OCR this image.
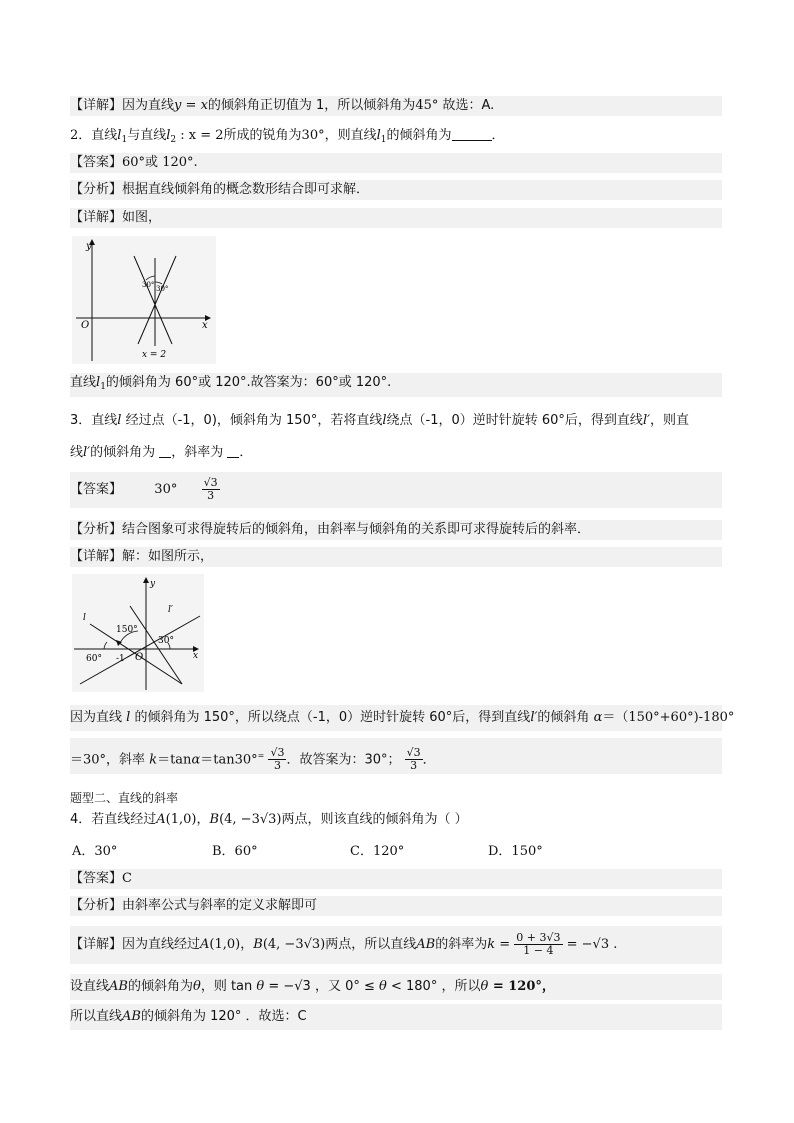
【详解】因为直线y = x的倾斜角正切值为 1，所以倾斜角为45° 故选：A.
2．直线$l_1$与直线$l_2$ : x = 2所成的锐角为30°，则直线$l_1$的倾斜角为	．
【答案】60°或 120°.
【分析】根据直线倾斜角的概念数形结合即可求解．
【详解】如图，
y
x
O
30° 30°
x = 2
直线$l_1$的倾斜角为 60°或 120°.故答案为：60°或 120°.
3．直线l 经过点（-1，0)，倾斜角为 150°，若将直线l绕点（-1，0）逆时针旋转 60°后，得到直线l′，则直
线l′的倾斜角为 ，斜率为 ．
【答案】 $30^\circ \frac{√3}{3}$
【分析】结合图象可求得旋转后的倾斜角，由斜率与倾斜角的关系即可求得旋转后的斜率．
【详解】解：如图所示，
y
x
O
l
l′
150°
30°
60° -1
因为直线 l 的倾斜角为 150°，所以绕点（-1，0）逆时针旋转 60°后，得到直线l′的倾斜角 α＝（150°+60°)-180°
＝30°，斜率 $k=\tan\alpha=\tan 30^\circ^= \frac{√3}{3}$ ．故答案为：30°； $\frac{√3}{3}$ ．
题型二、直线的斜率
4．若直线经过A(1,0)，B(4, −3√3)两点，则该直线的倾斜角为（ ）
A．30°	B．60°	C．120°	D．150°
【答案】C
【分析】由斜率公式与斜率的定义求解即可
【详解】因为直线经过A(1,0)，B(4, −3√3)两点，所以直线AB的斜率为$k = \frac{0 + 3√3}{1 - 4} = -√3$ .
设直线AB的倾斜角为θ，则 tan θ = −√3 ，又 0° ≤ θ < 180° ，所以θ = 120°，
所以直线AB的倾斜角为 120° ．故选：C
